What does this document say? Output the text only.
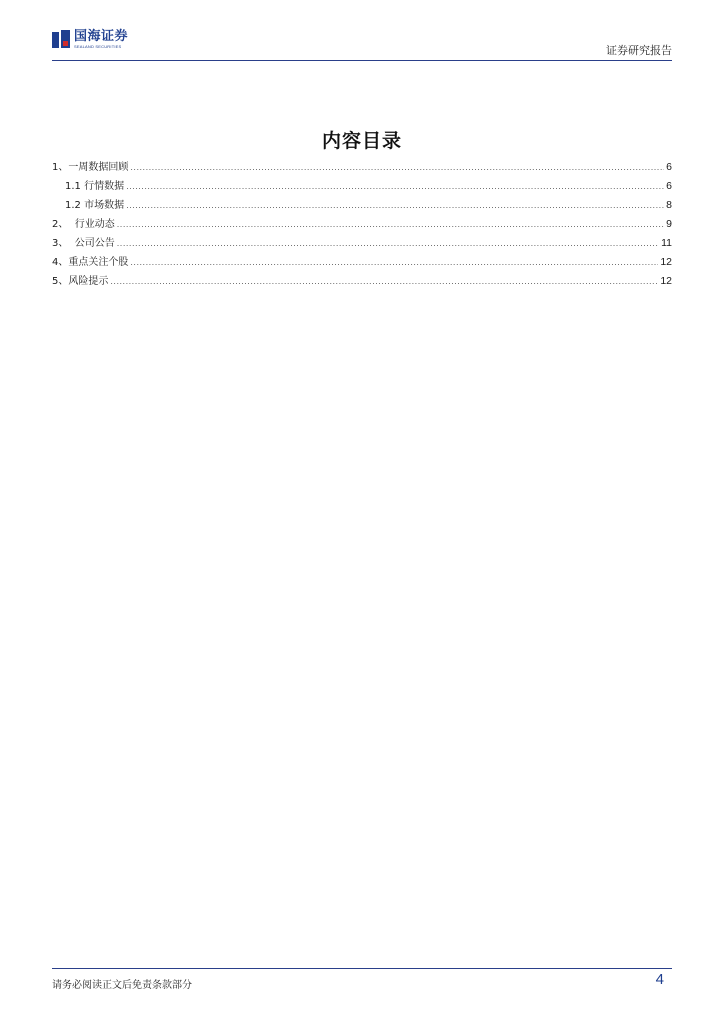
国海证券
SEALAND SECURITIES	证券研究报告
内容目录
1、一周数据回顾 .....	6
1.1 行情数据 .....	6
1.2 市场数据 .....	8
2、  行业动态 .....	9
3、  公司公告 .....	11
4、重点关注个股 .....	12
5、风险提示 .....	12
请务必阅读正文后免责条款部分	4
